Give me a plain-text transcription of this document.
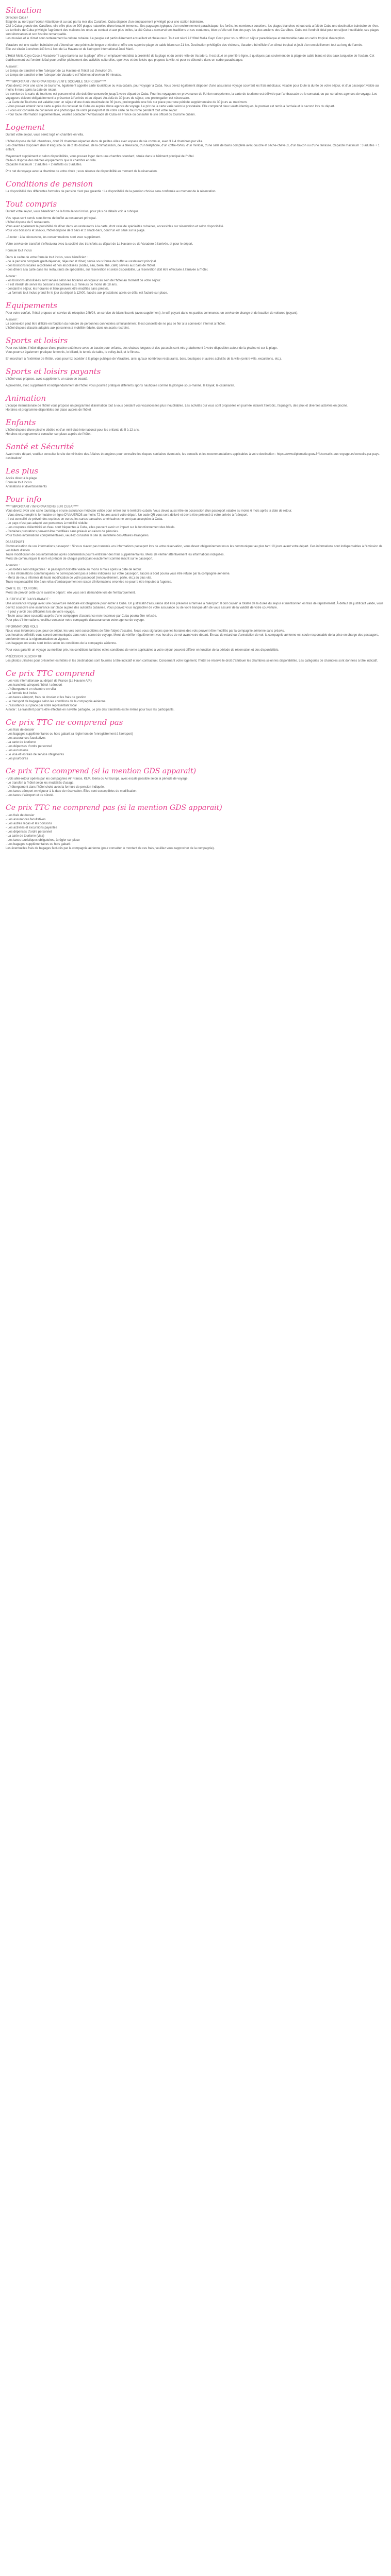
Situation
Direction Cuba /
Baignée au nord par l'océan Atlantique et au sud par la mer des Caraïbes, Cuba dispose d'un emplacement privilégié pour une station balnéaire.
Ciel à Cuba gronde des Caraïbes, elle offre plus de 300 plages naturelles d'une beauté immense. Ses paysages typiques d'un environnement paradisiaque, les forêts, les nombreux cocotiers, les plages blanches et tout cela a fait de Cuba une destination balnéaire de rêve.
Le territoire de Cuba privilégie l'agrément des maisons les unes au contact et aux plus belles, la cité Cuba a conservé ses traditions et ses coutumes, bien qu'elle soit l'un des pays les plus anciens des Caraïbes. Cuba est l'endroit idéal pour un séjour inoubliable, ses plages sont étonnantes et son histoire remarquable.
Les musées et le climat sont certainement la culture cubaine. Le peuple est particulièrement accueillant et chaleureux. Tout est réuni à l'Hôtel Melia Cayo Coco pour vous offrir un séjour paradisiaque et mémorable dans un cadre tropical d'exception.
Varadero est une station balnéaire qui s'étend sur une péninsule longue et étroite et offre une superbe plage de sable blanc sur 21 km. Destination privilégiée des visiteurs, Varadero bénéficie d'un climat tropical et jouit d'un ensoleillement tout au long de l'année.
Elle est située à environ 140 km à l'est de La Havane et de l'aéroport international José Martí.
L'Hôtel Melia Cayo Coco à Varadero "Il cayo barrena sur la plage" offre un emplacement idéal à proximité de la plage et du centre-ville de Varadero. Il est situé en première ligne, à quelques pas seulement de la plage de sable blanc et des eaux turquoise de l'océan. Cet établissement est l'endroit idéal pour profiter pleinement des activités culturelles, sportives et des loisirs que propose la ville, et pour se détendre dans un cadre paradisiaque.
A savoir :
Le temps de transfert entre l'aéroport de La Havane et l'hôtel est d'environ 3h.
Le temps de transfert entre l'aéroport de Varadero et l'hôtel est d'environ 30 minutes.
*****IMPORTANT / INFORMATIONS VENTE SOCIABLE SUR CUBA*****
Vous devez avoir une carte de tourisme, également appelée carte touristique ou visa cubain, pour voyager à Cuba. Vous devez également disposer d'une assurance voyage couvrant les frais médicaux, valable pour toute la durée de votre séjour, et d'un passeport valide au moins 6 mois après la date de retour.
Le service de la carte de tourisme est personnel et elle doit être conservée jusqu'à votre départ de Cuba. Pour les voyageurs en provenance de l'Union européenne, la carte de tourisme est délivrée par l'ambassade ou le consulat, ou par certaines agences de voyage. Les voyageurs doivent obligatoirement la présenter à l'arrivée et au départ. Au-delà de 30 jours de séjour, une prolongation est nécessaire.
- La Carte de Tourisme est valable pour un séjour d'une durée maximale de 30 jours, prolongeable une fois sur place pour une période supplémentaire de 30 jours au maximum.
- Vous pouvez obtenir cette carte auprès du consulat de Cuba ou auprès d'une agence de voyage. Le prix de la carte varie selon le prestataire. Elle comprend deux volets identiques, le premier est remis à l'arrivée et le second lors du départ.
- Il vous est conseillé de conserver une photocopie de votre passeport et de votre carte de tourisme pendant tout votre séjour.
- Pour toute information supplémentaire, veuillez contacter l'Ambassade de Cuba en France ou consulter le site officiel du tourisme cubain.
Logement
Durant votre séjour, vous serez logé en chambre en villa.
L'hôtel dispose de 341 chambres, dont 23 chambres réparties dans de petites villas avec espace de vie commun, avec 3 à 4 chambres par villa.
Les chambres disposent d'un lit king size ou de 2 lits doubles, de la climatisation, de la télévision, d'un téléphone, d'un coffre-fortes, d'un minibar, d'une salle de bains complète avec douche et sèche-cheveux, d'un balcon ou d'une terrasse. Capacité maximum : 3 adultes + 1 enfant.
Moyennant supplément et selon disponibilités, vous pouvez loger dans une chambre standard, située dans le bâtiment principal de l'hôtel.
Celle-ci dispose des mêmes équipements que la chambre en villa.
Capacité maximum : 2 adultes + 2 enfants ou 3 adultes.
Prix net du voyage avec la chambre de votre choix ; sous réserve de disponibilité au moment de la réservation.
Conditions de pension
La disponibilité des différentes formules de pension n'est pas garantie : La disponibilité de la pension choisie sera confirmée au moment de la réservation.
Tout compris
Durant votre séjour, vous bénéficiez de la formule tout inclus, pour plus de détails voir la rubrique.
Vos repas sont servis sous forme de buffet au restaurant principal.
L'hôtel dispose de 5 restaurants.
Vous avez également la possibilité de dîner dans les restaurants à la carte, dont celui de spécialités cubaines, accessibles sur réservation et selon disponibilité.
Pour vos boissons et snacks, l'hôtel dispose de 3 bars et 2 snack-bars, dont l'un est situé sur la plage.
- A noter : à la découverte, les consommations sont avec supplément.
Votre service de transfert s'effectuera avec la société des transferts au départ de La Havane ou de Varadero à l'arrivée, et pour le départ.
Formule tout inclus
Dans le cadre de votre formule tout inclus, vous bénéficiez :
- de la pension complète (petit-déjeuner, déjeuner et dîner) servie sous forme de buffet au restaurant principal.
- des boissons locales alcoolisées et non alcoolisées (sodas, eau, bière, thé, café) servies aux bars de l'hôtel.
- des dîners à la carte dans les restaurants de spécialités, sur réservation et selon disponibilité. La réservation doit être effectuée à l'arrivée à l'hôtel.
A noter :
- les boissons alcoolisées sont servies selon les horaires en vigueur au sein de l'hôtel au moment de votre séjour.
- Il est interdit de servir les boissons alcoolisées aux mineurs de moins de 18 ans.
- pendant le séjour, les horaires et lieux peuvent être modifiés sans préavis.
- La formule tout inclus prend fin le jour du départ à 12h00, l'accès aux prestations après ce délai est facturé sur place.
Equipements
Pour votre confort, l'hôtel propose un service de réception 24h/24, un service de blanchisserie (avec supplément), le wifi payant dans les parties communes, un service de change et de location de voitures (payant).
A savoir :
La connexion peut être difficile en fonction du nombre de personnes connectées simultanément. Il est conseillé de ne pas se fier à la connexion internet à l'hôtel.
L'hôtel dispose d'accès adaptés aux personnes à mobilité réduite, dans un accès restreint.
Sports et loisirs
Pour vos loisirs, l'hôtel dispose d'une piscine extérieure avec un bassin pour enfants, des chaises longues et des parasols sont mis gratuitement à votre disposition autour de la piscine et sur la plage.
Vous pourrez également pratiquer le tennis, le billard, le tennis de table, le volley-ball, et le fitness.
En marchant à l'extérieur de l'hôtel, vous pourrez accéder à la plage publique de Varadero, ainsi qu'aux nombreux restaurants, bars, boutiques et autres activités de la ville (centre-ville, excursions, etc.).
Sports et loisirs payants
L'hôtel vous propose, avec supplément, un salon de beauté.
A proximité, avec supplément et indépendamment de l'hôtel, vous pourrez pratiquer différents sports nautiques comme la plongée sous-marine, le kayak, le catamaran.
Animation
L'équipe internationale de l'hôtel vous propose un programme d'animation tout à vous pendant vos vacances les plus inoubliables. Les activités qui vous sont proposées en journée incluent l'aérobic, l'aquagym, des jeux et diverses activités en piscine.
Horaires et programme disponibles sur place auprès de l'hôtel.
Enfants
L'hôtel dispose d'une piscine dédiée et d'un mini-club international pour les enfants de 5 à 12 ans.
Horaires et programme à consulter sur place auprès de l'hôtel.
Santé et Sécurité
Avant votre départ, veuillez consulter le site du ministère des Affaires étrangères pour connaître les risques sanitaires éventuels, les conseils et les recommandations applicables à votre destination : https://www.diplomatie.gouv.fr/fr/conseils-aux-voyageurs/conseils-par-pays-destination/
Les plus
Accès direct à la plage
Formule tout inclus
Animations et divertissements
Pour info
*****IMPORTANT / INFORMATIONS SUR CUBA*****
Vous devez avoir une carte touristique et une assurance médicale valide pour entrer sur le territoire cubain. Vous devez aussi être en possession d'un passeport valable au moins 6 mois après la date de retour.
- Vous devez remplir le formulaire en ligne D'VIAJEROS au moins 72 heures avant votre départ. Un code QR vous sera délivré et devra être présenté à votre arrivée à l'aéroport.
- Il est conseillé de prévoir des espèces en euros, les cartes bancaires américaines ne sont pas acceptées à Cuba.
- Le pays n'est pas adapté aux personnes à mobilité réduite.
- Les coupures d'électricité et d'eau sont fréquentes à Cuba, elles peuvent avoir un impact sur le fonctionnement des hôtels.
- Certaines prestations peuvent être modifiées sans préavis en raison de pénuries.
Pour toutes informations complémentaires, veuillez consulter le site du ministère des Affaires étrangères.
PASSEPORT
Communication de vos informations passeport : Si vous n'avez pas transmis vos informations passeport lors de votre réservation, vous devez obligatoirement nous les communiquer au plus tard 10 jours avant votre départ. Ces informations sont indispensables à l'émission de vos billets d'avion.
Toute modification de ces informations après confirmation pourra entraîner des frais supplémentaires. Merci de vérifier attentivement les informations indiquées.
Merci de communiquer le nom et prénom de chaque participant exactement comme inscrit sur le passeport.
Attention :
- Les bébés sont obligatoires : le passeport doit être valide au moins 6 mois après la date de retour.
- Si les informations communiquées ne correspondent pas à celles indiquées sur votre passeport, l'accès à bord pourra vous être refusé par la compagnie aérienne.
- Merci de nous informer de toute modification de votre passeport (renouvellement, perte, etc.) au plus vite.
Toute responsabilité liée à un refus d'embarquement en raison d'informations erronées ne pourra être imputée à l'agence.
CARTE DE TOURISME
Merci de prévoir cette carte avant le départ : elle vous sera demandée lors de l'embarquement.
JUSTIFICATIF D'ASSURANCE :
Une assurance voyage avec une couverture médicale est obligatoire pour entrer à Cuba. Un justificatif d'assurance doit être présenté à l'arrivée à l'aéroport. Il doit couvrir la totalité de la durée du séjour et mentionner les frais de rapatriement. À défaut de justificatif valide, vous devrez souscrire une assurance sur place auprès des autorités cubaines. Vous pouvez vous rapprocher de votre assurance ou de votre banque afin de vous assurer de la validité de votre couverture.
- Il peut y avoir des difficultés lors de votre voyage.
- Toute assurance souscrite auprès d'une compagnie d'assurance non reconnue par Cuba pourra être refusée.
Pour plus d'informations, veuillez contacter votre compagnie d'assurance ou votre agence de voyage.
INFORMATIONS VOLS
Nous vous informons que, pour ce séjour, les vols sont susceptibles de faire l'objet d'escales. Nous vous signalons que les horaires des vols peuvent être modifiés par la compagnie aérienne sans préavis.
Les horaires définitifs vous seront communiqués dans votre carnet de voyage. Merci de vérifier régulièrement vos horaires de vol avant votre départ. En cas de retard ou d'annulation de vol, la compagnie aérienne est seule responsable de la prise en charge des passagers, conformément à la réglementation en vigueur.
Les bagages en soute sont inclus selon les conditions de la compagnie aérienne.
Pour vous garantir un voyage au meilleur prix, les conditions tarifaires et les conditions de vente applicables à votre séjour peuvent différer en fonction de la période de réservation et des disponibilités.
PRÉCISION DESCRIPTIF
Les photos utilisées pour présenter les hôtels et les destinations sont fournies à titre indicatif et non contractuel. Concernant votre logement, l'hôtel se réserve le droit d'attribuer les chambres selon les disponibilités. Les catégories de chambres sont données à titre indicatif.
Ce prix TTC comprend
- Les vols internationaux au départ de France (La Havane A/R)
- Les transferts aéroport / hôtel / aéroport
- L'hébergement en chambre en villa
- La formule tout inclus
- Les taxes aéroport, frais de dossier et les frais de gestion
- Le transport de bagages selon les conditions de la compagnie aérienne
- L'assistance sur place par notre représentant local
A noter : Le transfert pourra être effectué en navette partagée. Le prix des transferts est le même pour tous les participants.
Ce prix TTC ne comprend pas
- Les frais de dossier
- Les bagages supplémentaires ou hors gabarit (à régler lors de l'enregistrement à l'aéroport)
- Les assurances facultatives
- La carte de tourisme
- Les dépenses d'ordre personnel
- Les excursions
- Le visa et les frais de service obligatoires
- Les pourboires
Ce prix TTC comprend (si la mention GDS apparait)
- Vols aller-retour opérés par les compagnies Air France, KLM, Iberia ou Air Europa, avec escale possible selon la période de voyage.
- Le transfert à l'hôtel selon les modalités d'usage.
- L'hébergement dans l'hôtel choisi avec la formule de pension indiquée.
- Les taxes aéroport en vigueur à la date de réservation. Elles sont susceptibles de modification.
- Les taxes d'aéroport et de sûreté.
Ce prix TTC ne comprend pas (si la mention GDS apparait)
- Les frais de dossier
- Les assurances facultatives
- Les autres repas et les boissons
- Les activités et excursions payantes
- Les dépenses d'ordre personnel
- La carte de tourisme (visa)
- Les taxes touristiques obligatoires, à régler sur place
- Les bagages supplémentaires ou hors gabarit
Les éventuelles frais de bagages facturés par la compagnie aérienne (pour consulter le montant de ces frais, veuillez vous rapprocher de la compagnie).
